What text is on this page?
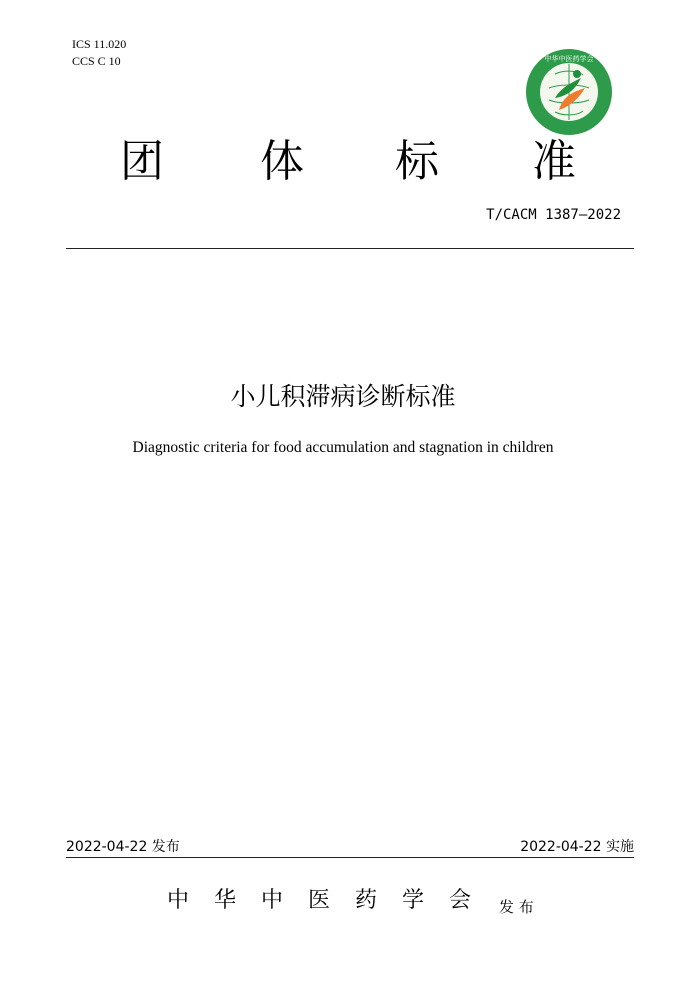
ICS 11.020
CCS C 10	中华中医药学会
团 体 标 准
T/CACM 1387—2022
小儿积滞病诊断标准
Diagnostic criteria for food accumulation and stagnation in children
2022-04-22 发布	2022-04-22 实施
中 华 中 医 药 学 会 发 布
